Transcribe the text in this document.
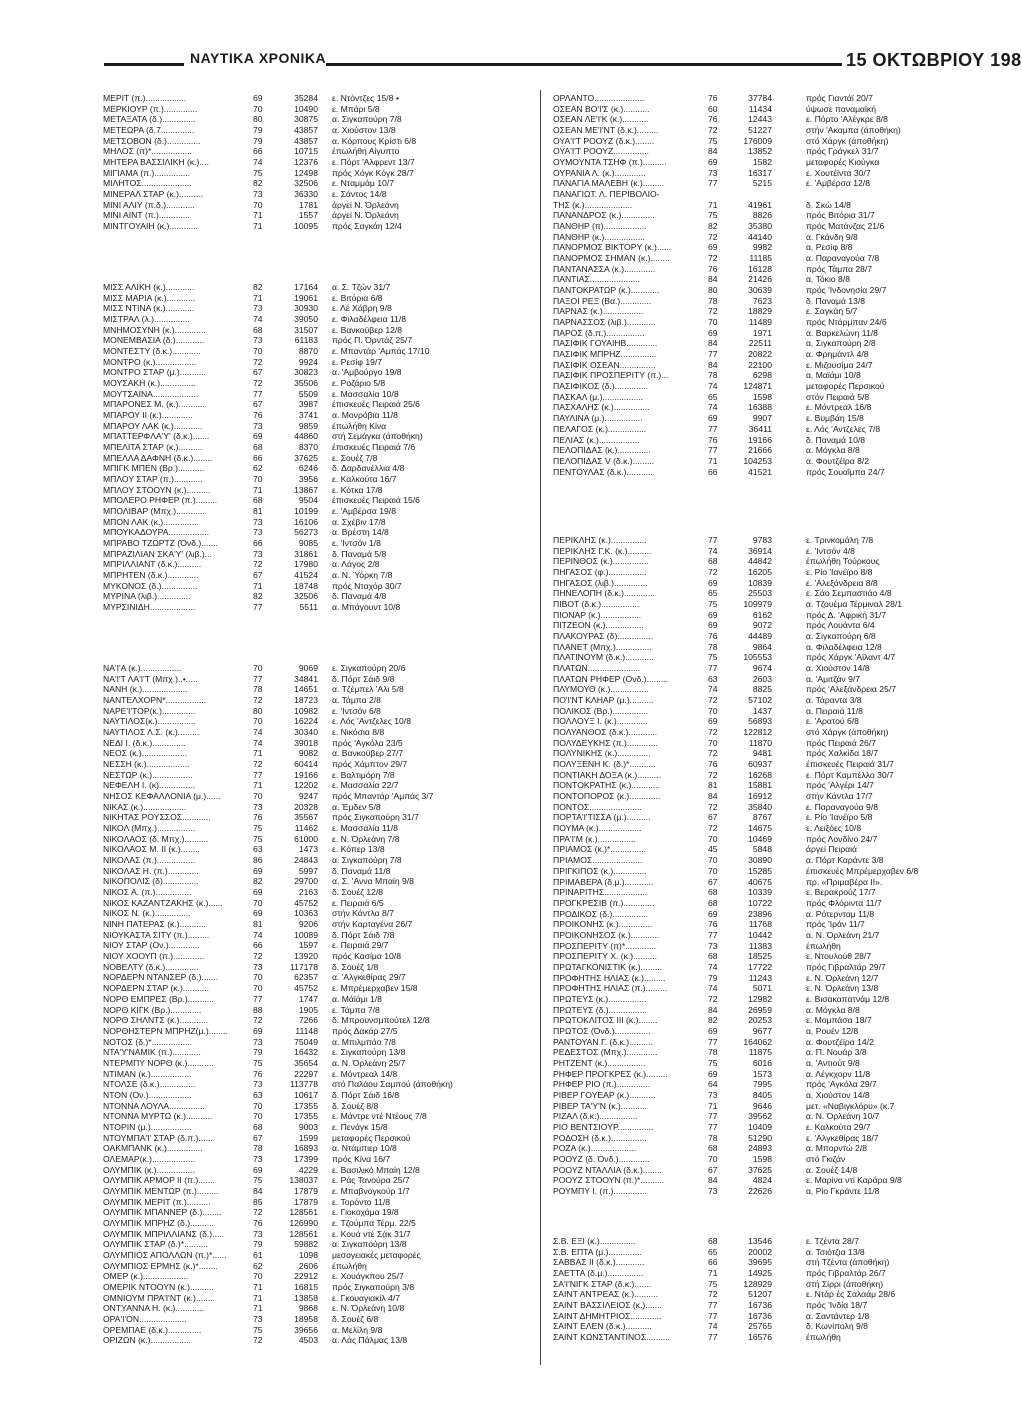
ΝΑΥΤΙΚΑ ΧΡΟΝΙΚΑ	15 ΟΚΤΩΒΡΙΟΥ 198
ΜΕΡΙΤ (π.).................	69	35284 ε. Ντόντζες 15/8 •
ΜΕΡΚΙΟΥΡ (π.)..............	70	10490 ε. Μπάρι 5/8
ΜΕΤΑΞΑΤΑ (δ.)..............	80	30875 α. Σιγκαπούρη 7/8
ΜΕΤΕΩΡΑ (δ.7..............	79	43857 α. Χιούστον 13/8
ΜΕΤΣΟΒΟΝ (δ.)..............	79	43857 α. Κόρπους Κρίστι 6/8
ΜΗΛΟΣ (π)*.................	66	10715 έπωλήθη Αίγυπτο
ΜΗΤΕΡΑ ΒΑΣΣΙΛΙΚΗ (κ.)....	74	12376 ε. Πόρτ 'Αλφρεντ 13/7
ΜΙΓΙΑΜΑ (π.)...............	75	12498 πρός Χόγκ Κόγκ 28/7
ΜΙΛΗΤΟΣ.....................	82	32506 ε. Νταμμάμ 10/7
ΜΙΝΕΡΑΛ ΣΤΑΡ (κ.)..........	73	36330 ε. Σάντος 14/8
ΜΙΝΙ ΑΛΙΥ (π.δ.)............	70	1781 άργεί Ν. Όρλεάνη
ΜΙΝΙ ΑΙΝΤ (π.).............	71	1557 άργεί Ν. Όρλεάνη
ΜΙΝΤΓΟΥΑΙΗ (κ.)............	71	10095 πρός Σαγκάη 12/4
ΜΙΣΣ ΑΛΙΚΗ (κ.)............	82	17164 α. Σ. Τζών 31/7
ΜΙΣΣ ΜΑΡΙΑ (κ.)............	71	19061 ε. Βιτόρια 6/8
ΜΙΣΣ ΝΤΙΝΑ (κ.)............	73	30930 ε. Λέ Χάβρη 9/8
ΜΙΣΤΡΑΛ (λ.)...............	74	39050 ε. Φιλαδέλφεια 11/8
ΜΝΗΜΟΣΥΝΗ (κ.).............	68	31507 ε. Βανκοϋβερ 12/8
ΜΟΝΕΜΒΑΣΙΑ (δ.)............	73	61183 πρός Π. Όρντάζ 25/7
ΜΟΝΤΕΣΤΥ (δ.κ.)............	70	8870 ε. Μπαντάρ 'Αμπάς 17/10
ΜΟΝΤΡΟ (κ.).................	72	9924 ε. Ρεσίφ 19/7
ΜΟΝΤΡΟ ΣΤΑΡ (μ.)...........	67	30823 α. 'Αμβούργο 19/8
ΜΟΥΣΑΚΗ (κ.)...............	72	35506 ε. Ροζάριο 5/8
ΜΟΥΤΣΑΙΝΑ...................	77	5509 ε. Μασσαλία 10/8
ΜΠΑΡΟΝΕΣ Μ. (κ.)...........	67	3987 έπισκευές Πειραιά 25/6
ΜΠΑΡΟΥ ΙΙ (κ.).............	76	3741 α. Μονρόβια 11/8
ΜΠΑΡΟΥ ΛΑΚ (κ.)............	73	9859 έπωλήθη Κίνα
ΜΠΑΤΤΕΡΦΛΑ'Υ' (δ.κ.).......	69	44860 στή Σεμάγκα (άποθήκη)
ΜΠΕΛΙΤΑ ΣΤΑΡ (κ.)..........	68	8370 έπισκευές Πειραιά 7/6
ΜΠΕΛΛΑ ΔΑΦΝΗ (δ.κ.)........	66	37625 ε. Σουέζ 7/8
ΜΠΙΓΚ ΜΠΕΝ (Βρ.)...........	62	6246 δ. Δαρδανέλλια 4/8
ΜΠΛΟΥ ΣΤΑΡ (π.)............	70	3956 ε. Καλκούτα 16/7
ΜΠΛΟΥ ΣΤΟΟΥΝ (κ.)..........	71	13867 ε. Κότκα 17/8
ΜΠΟΛΕΡΟ ΡΗΦΕΡ (π.).........	68	9504 έπισκευές Πειραιά 15/6
ΜΠΟΛΙΒΑΡ (Μπχ.)............	81	10199 ε. 'Αμβέρσα 19/8
ΜΠΟΝ ΛΑΚ (κ.)..............	73	16106 α. Σχέβιν 17/8
ΜΠΟΥΚΑΔΟΥΡΑ.................	73	56273 α. Βρέστη 14/8
ΜΠΡΑΒΟ ΤΖΩΡΤΖ (Όνδ.).......	66	9085 ε. 'Ιντσόν 1/8
ΜΠΡΑΖΙΛΙΑΝ ΣΚΑ'Υ' (λιβ.)...	73	31861 δ. Παναμά 5/8
ΜΠΡΙΛΛΙΑΝΤ (δ.κ.)..........	72	17980 α. Λάγος 2/8
ΜΠΡΗΤΕΝ (δ.κ.).............	67	41524 α. Ν. Ύόρκη 7/8
ΜΥΚΟΝΟΣ (δ.)...............	71	18748 πρός Νταχόρ 30/7
ΜΥΡΙΝΑ (λιβ.)..............	82	32506 δ. Παναμά 4/8
ΜΥΡΣΙΝΙΔΗ...................	77	5511 α. Μπάγουντ 10/8
ΝΑ'Ι'Α (κ.).................	70	9069 ε. Σιγκαπούρη 20/6
ΝΑ'Ι'Τ ΛΑ'Ι'Τ (Μπχ.)..•.....	77	34841 δ. Πόρτ Σάιδ 9/8
ΝΑΝΗ (κ.)...................	78	14651 α. Τζέμπελ 'Αλι 5/8
ΝΑΝΤΕΛΧΟΡΝ*.................	72	18723 α. Τάμπα 2/8
ΝΑΡΕ'Ι'ΤΟΡ(κ.)..............	80	10982 ε. 'Ιντσόν 6/8
ΝΑΥΤΙΛΟΣ(κ.)................	70	16224 ε. Λός 'Αντζελες 10/8
ΝΑΥΤΙΛΟΣ Λ.Σ. (κ.).........	74	30340 ε. Νικόσια 8/8
ΝΕΔΙ Ι. (δ.κ.)..............	74	39018 πρός 'Αγκόλα 23/5
ΝΕΟΣ (κ.)...................	71	9082 α. Βανκοϋβερ 27/7
ΝΕΣΣΗ (κ.)..................	72	60414 πρός Χάμπτον 29/7
ΝΕΣΤΩΡ (κ.).................	77	19166 ε. Βαλτιμόρη 7/8
ΝΕΦΕΛΗ Ι. (κ)...............	71	12202 ε. Μασσαλία 22/7
ΝΗΣΟΣ ΚΕΦΑΛΛΟΝΙΑ (μ.)......	70	9247 πρός Μπαντάρ 'Αμπάς 3/7
ΝΙΚΑΣ (κ.)..................	73	20328 α. Έμδεν 5/8
ΝΙΚΗΤΑΣ ΡΟΥΣΣΟΣ............	76	35567 πρός Σιγκαπούρη 31/7
ΝΙΚΟΛ (Μπχ.)................	75	11462 ε. Μασσαλία 11/8
ΝΙΚΟΛΑΟΣ (δ. Μπχ.)..........	75	61000 ε. Ν. Όρλεάνη 7/8
ΝΙΚΟΛΑΟΣ Μ. ΙΙ (κ.)........	63	1473 ε. Κόπερ 13/8
ΝΙΚΟΛΑΣ (π.)................	86	24843 α. Σιγκαπούρη 7/8
ΝΙΚΟΛΑΣ Η. (π.).............	69	5997 δ. Παναμά 11/8
ΝΙΚΟΠΟΛΙΣ (δ)...............	82	29700 α. Σ. 'Αννα Μπαίη 9/8
ΝΙΚΟΣ Α. (π.)...............	69	2163 δ. Σουέζ 12/8
ΝΙΚΟΣ ΚΑΖΑΝΤΖΑΚΗΣ (κ.)......	70	45752 ε. Πειραιά 6/5
ΝΙΚΟΣ Ν. (κ.)...............	69	10363 στήν Κάντλα 8/7
ΝΙΝΗ ΠΑΤΕΡΑΣ (κ.)...........	81	9206 στήν Καρταγένα 26/7
ΝΙΟΥΚΑΣΤΑ ΣΙΤΥ (π.).........	74	10089 δ. Πόρτ Σάιδ 7/8
ΝΙΟΥ ΣΤΑΡ (Ον.).............	66	1597 ε. Πειραιά 29/7
ΝΙΟΥ ΧΟΟΥΠ (π.).............	72	13920 πρός Κασίμα 10/8
ΝΟΒΕΛΤΥ (δ.κ.)..............	73	117178 δ. Σουέζ 1/8
ΝΟΡΔΕΡΝ ΝΤΑΝΣΕΡ (δ.).......	70	62357 α. 'Αλγκεθίρας 29/7
ΝΟΡΔΕΡΝ ΣΤΑΡ (κ.)...........	70	45752 ε. Μπρέμερχαβεν 15/8
ΝΟΡΘ ΕΜΠΡΕΣ (Βρ.)...........	77	1747 α. Μάϊάμι 1/8
ΝΟΡΘ ΚΙΓΚ (Βρ.).............	88	1905 ε. Τάμπα 7/8
ΝΟΡΘ ΣΗΛΝΤΣ (κ.)............	72	7266 δ. Μπρουνσμπούτελ 12/8
ΝΟΡΘΗΣΤΕΡΝ ΜΠΡΗΖ(μ.)........	69	11148 πρός Δακάρ 27/5
ΝΟΤΟΣ (δ.)*.................	73	75049 α. Μπιλμπάο 7/8
ΝΤΑ'Υ'ΝΑΜΙΚ (π.)............	79	16432 ε. Σιγκαπούρη 13/8
ΝΤΕΡΜΠΥ ΝΟΡΘ (κ.)...........	75	35654 α. Ν. Όρλεάνη 25/7
ΝΤΙΜΑΝ (κ.).................	76	22297 ε. Μόντρεαλ 14/8
ΝΤΟΛΣΕ (δ.κ.)...............	73	113778 στό Παλάου Σαμπού (άποθήκη)
ΝΤΟΝ (Ον.)..................	63	10617 δ. Πόρτ Σάιδ 16/8
ΝΤΟΝΝΑ ΛΟΥΛΑ...............	70	17355 δ. Σουέζ 8/8
ΝΤΟΝΝΑ ΜΥΡΤΩ (κ.)...........	70	17355 ε. Μάντρε ντέ Ντέους 7/8
ΝΤΟΡΙΝ (μ.).................	68	9003 ε. Πενάγκ 15/8
ΝΤΟΥΜΠΑ'Ι' ΣΤΑΡ (δ.π.)......	67	1599 μεταφορές Περσικού
ΟΑΚΜΠΑΝΚ (κ.)...............	78	16893 α. Ντάμπιερ 10/8
ΟΛΕΜΑΡ(κ.)..................	73	17399 πρός Κίνα 16/7
ΟΛΥΜΠΙΚ (κ.)................	69	4229 ε. Βασιλικό Μπαίη 12/8
ΟΛΥΜΠΙΚ ΑΡΜΟΡ ΙΙ (π.).......	75	138037 ε. Ράς Τανούρα 25/7
ΟΛΥΜΠΙΚ ΜΕΝΤΩΡ (π.).........	84	17879 ε. Μπαβνογκούρ 1/7
ΟΛΥΜΠΙΚ ΜΕΡΙΤ (π.)..........	85	17879 ε. Τορόντο 11/8
ΟΛΥΜΠΙΚ ΜΠΑΝΝΕΡ (δ.)........	72	128561 ε. Γιοκοχάμα 19/8
ΟΛΥΜΠΙΚ ΜΠΡΗΖ (δ.)..........	76	126990 ε. Τζούμπα Τέρμ. 22/5
ΟΛΥΜΠΙΚ ΜΠΡΙΛΛΙΑΝΣ (δ.).....	73	128561 ε. Κουά ντέ Σάκ 31/7
ΟΛΥΜΠΙΚ ΣΤΑΡ (δ.)*..........	79	59882 α. Σιγκαπούρη 13/8
ΟΛΥΜΠΙΟΣ ΑΠΟΛΛΩΝ (π.)*......	61	1098 μεσογειακές μεταφορές
ΟΛΥΜΠΙΟΣ ΕΡΜΗΣ (κ.)*........	62	2606 έπωλήθη
ΟΜΕΡ (κ.)...................	70	22912 ε. Χουάγκπου 25/7
ΟΜΕΡΙΚ ΝΤΟΟΥΝ (κ.)..........	71	16815 πρός Σιγκαπούρη 3/8
ΟΜΝΙΟΥΜ ΠΡΑ'Ι'ΝΤ (κ.).......	71	13858 ε. Γκουαγιακίλ 4/7
ΟΝΤΥΑΝΝΑ Η. (κ.)............	71	9868 ε. Ν. Όρλεάνη 10/8
ΟΡΑ'Ι'ΟΝ....................	73	18958 δ. Σουέζ 6/8
ΟΡΕΜΠΑΕ (δ.κ.)..............	75	39656 α. Μελίλη 9/8
ΟΡΙΖΩΝ (κ.).................	72	4503 α. Λάς Πάλμας 13/8
ΟΡΛΑΝΤΟ.....................	76	37784	πρός Γιαντάϊ 20/7
ΟΣΕΑΝ ΒΟ'Ι'Σ (κ.)...........	60	11434	ύψωσε παναμαϊκή
ΟΣΕΑΝ ΛΕ'Ι'Κ (κ.)...........	76	12443	ε. Πόρτο 'Αλέγκρε 8/8
ΟΣΕΑΝ ΜΕ'Ι'ΝΤ (δ.κ.).........	72	51227	στήν 'Ακαμπα (άποθήκη)
ΟΥΑ'Ι'Τ ΡΟΟΥΖ (δ.κ.)........	75	176009	στό Χάργκ (άποθήκη)
ΟΥΑ'Ι'Τ ΡΟΟΥΖ...............	84	13852	πρός Γράγκελ 31/7
ΟΥΜΟΥΝΤΑ ΤΣΗΦ (π.)..........	69	1582	μεταφορές Κιούγκα
ΟΥΡΑΝΙΑ Λ. (κ.).............	73	16317	ε. Χουτέϊντα 30/7
ΠΑΝΑΓΙΑ ΜΑΛΕΒΗ (κ.).........	77	5215	ε. 'Αμβέρσα 12/8
ΠΑΝΑΓΙΩΤ. Λ. ΠΕΡΙΒΟΛΙΟ-
ΤΗΣ (κ.)....................	71	41961	δ. Σκώ 14/8
ΠΑΝΑΝΔΡΟΣ (κ.)..............	75	8826	πρός Βιτόρια 31/7
ΠΑΝΘΗΡ (π)..................	82	35380	πρός Ματάνζας 21/6
ΠΑΝΘΗΡ (κ.).................	72	44140	α. Γκάνδη 9/8
ΠΑΝΟΡΜΟΣ ΒΙΚΤΟΡΥ (κ.)......	69	9982	α. Ρεσίφ 8/8
ΠΑΝΟΡΜΟΣ ΣΗΜΑΝ (κ.)........	72	11185	α. Παραναγούα 7/8
ΠΑΝΤΑΝΑΣΣΑ (κ.).............	76	16128	πρός Τάμπα 28/7
ΠΑΝΤΙΑΣ.....................	84	21426	α. Τόκιο 8/8
ΠΑΝΤΟΚΡΑΤΩΡ (κ.)............	80	30639	πρός 'Ινδονησία 29/7
ΠΑΞΟΙ ΡΕΞ (Βα.).............	78	7623	δ. Παναμά 13/8
ΠΑΡΝΑΣ (κ.).................	72	18829	ε. Σαγκάη 5/7
ΠΑΡΝΑΣΣΟΣ (λιβ.)............	70	11489	πρός Ντάρμπαν 24/6
ΠΑΡΟΣ (δ.π.)................	69	1971	α. Βαρκελώνη 11/8
ΠΑΣΙΦΙΚ ΓΟΥΑΙΗΒ.............	84	22511	α. Σιγκαπούρη 2/8
ΠΑΣΙΦΙΚ ΜΠΡΗΖ...............	77	20822	α. Φρημάντλ 4/8
ΠΑΣΙΦΙΚ ΟΣΕΑΝ...............	84	22100	ε. Μιζουσίμα 24/7
ΠΑΣΙΦΙΚ ΠΡΟΣΠΕΡΙΤΥ (π.)...	78	6298	α. Μαϊάμι 10/8
ΠΑΣΙΦΙΚΟΣ (δ.)..............	74	124871	μεταφορές Περσικού
ΠΑΣΚΑΛ (μ.).................	65	1598	στόν Πειραιά 5/8
ΠΑΣΧΑΛΗΣ (κ.)...............	74	16388	ε. Μόντρεαλ 16/8
ΠΑΥΛΙΝΑ (μ.)................	69	9907	ε. Βυμβάη 15/8
ΠΕΛΑΓΟΣ (κ.)................	77	36411	ε. Λός 'Αντζελες 7/8
ΠΕΛΙΑΣ (κ.).................	76	19166	δ. Παναμά 10/8
ΠΕΛΟΠΙΔΑΣ (κ.)..............	77	21666	α. Μόγκλα 8/8
ΠΕΛΟΠΙΔΑΣ V (δ.κ.).........	71	104253	α. Φουτζέϊρα 8/2
ΠΕΝΤΟΥΛΑΣ (δ.κ.)...........	66	41521	πρός Σουαΐμπα 24/7
ΠΕΡΙΚΛΗΣ (κ.)...............	77	9783	ε. Τρινκομάλη 7/8
ΠΕΡΙΚΛΗΣ Γ.Κ. (κ.)..........	74	36914	ε. 'Ιντσόν 4/8
ΠΕΡΙΝΘΟΣ (κ.)...............	68	44842	έπωλήθη Τούρκους
ΠΗΓΑΣΟΣ (φ.)................	72	16205	ε. Ρίο 'Ιανέϊρο 8/8
ΠΗΓΑΣΟΣ (λιβ.)..............	69	10839	ε. 'Αλεξάνδρεια 8/8
ΠΗΝΕΛΟΠΗ (δ.κ.).............	65	25503	ε. Σάο Σεμπαστιάο 4/8
ΠΙΒΟΤ (δ.κ.)................	75	109979	α. Τζουέμα Τέρμιναλ 28/1
ΠΙΟΝΑΡ (κ.).................	69	6162	πρός Δ. 'Αφρική 31/7
ΠΙΤΖΕΟΝ (κ.)................	69	9072	πρός Λουάντα 6/4
ΠΛΑΚΟΥΡΑΣ (δ)...............	76	44489	α. Σιγκαπούρη 6/8
ΠΛΑΝΕΤ (Μπχ.)...............	78	9864	α. Φιλαδέλφεια 12/8
ΠΛΑΤΙΝΟΥΜ (δ.κ.)............	75	105553	πρός Χάργκ 'Αϊλαντ 4/7
ΠΛΑΤΩΝ......................	77	9674	α. Χιούστον 14/8
ΠΛΑΤΩΝ ΡΗΦΕΡ (Ονδ.).........	63	2603	α. 'Αμιτζάν 9/7
ΠΛΥΜΟΥΘ (κ.)................	74	8825	πρός 'Αλεξάνδρεια 25/7
ΠΟ'Ι'ΝΤ ΚΛΗΑΡ (μ.)..........	72	57102	α. Τάραντα 3/8
ΠΟΛΙΚΟΣ (Βρ.)...............	70	1437	α. Πειραιά 11/8
ΠΟΛΛΟΥΞ Ι. (κ.).............	69	56893	ε. 'Αρατού 6/8
ΠΟΛΥΑΝΘΟΣ (δ.κ.)............	72	122812	στό Χάργκ (άποθήκη)
ΠΟΛΥΔΕΥΚΗΣ (π.).............	70	11870	πρός Πειραιά 26/7
ΠΟΛΥΝΙΚΗΣ (κ.)..............	72	9481	πρός Χαλκίδα 18/7
ΠΟΛΥΞΕΝΗ Κ. (δ.)*...........	76	60937	έπισκευές Πειραιά 31/7
ΠΟΝΤΙΑΚΗ ΔΟΞΑ (κ.)..........	72	16268	ε. Πόρτ Καμπέλλο 30/7
ΠΟΝΤΟΚΡΑΤΗΣ (κ.)............	81	15881	πρός 'Αλγέρι 14/7
ΠΟΝΤΟΠΟΡΟΣ (κ.).............	84	16912	στήν Κάντλα 17/7
ΠΟΝΤΟΣ......................	72	35840	ε. Παραναγούα 9/8
ΠΟΡΤΑ'Ι'ΤΙΣΣΑ (μ.)..........	67	8767	ε. Ρίο 'Ιανέϊρο 5/8
ΠΟΥΜΑ (κ.)..................	72	14675	ε. Λειξόες 10/8
ΠΡΑ'Ι'Μ (κ.)................	70	10469	πρός Λονδίνο 24/7
ΠΡΙΑΜΟΣ (κ.)*...............	45	5848	άργεί Πειραιά
ΠΡΙΑΜΟΣ.....................	70	30890	α. Πόρτ Καράντε 3/8
ΠΡΙΓΚΙΠΟΣ (κ.)..............	70	15285	έπισκευές Μπρέμερχαβεν 6/8
ΠΡΙΜΑΒΕΡΑ (δ.μ.)............	67	40675	πρ. «Πριμαβέρα ΙΙ».
ΠΡΙΝΑΡΙΤΗΣ..................	68	10339	ε. Βερακρούζ 17/7
ΠΡΟΓΚΡΕΣΙΒ (π.).............	68	10722	πρός Φλόριντα 11/7
ΠΡΟΔΙΚΟΣ (δ.)...............	69	23896	α. Ρότερνταμ 11/8
ΠΡΟΙΚΟΝΗΣ (κ.)..............	76	11768	πρός 'Ιράν 11/7
ΠΡΟΙΚΟΝΗΣΟΣ (κ.)............	77	10442	α. Ν. Όρλεάνη 21/7
ΠΡΟΣΠΕΡΙΤΥ (π)*.............	73	11383	έπωλήθη
ΠΡΟΣΠΕΡΙΤΥ Χ. (κ.)..........	68	18525	ε. Ντουλούθ 28/7
ΠΡΩΤΑΓΚΟΝΙΣΤΙΚ (κ.).........	74	17722	πρός Γιβραλτάρ 29/7
ΠΡΟΦΗΤΗΣ ΗΛΙΑΣ (κ.).........	79	11243	ε. Ν. Όρλεάνη 12/7
ΠΡΟΦΗΤΗΣ ΗΛΙΑΣ (π.).........	74	5071	ε. Ν. Όρλεάνη 13/8
ΠΡΩΤΕΥΣ (κ.)................	72	12982	ε. Βισακαπατνάμ 12/8
ΠΡΩΤΕΥΣ (δ.)................	84	26959	α. Μόγκλα 8/8
ΠΡΩΤΟΚΛΙΤΟΣ ΙΙΙ (κ.)........	82	20253	ε. Μομπάσα 18/7
ΠΡΩΤΟΣ (Όνδ.)...............	69	9677	α. Ρουέν 12/8
ΡΑΝΤΟΥΑΝ Γ. (δ.κ.)..........	77	164062	α. Φουτζέϊρα 14/2
ΡΕΔΕΣΤΟΣ (Μπχ.).............	78	11875	α. Π. Νουάρ 3/8
ΡΗΤΖΕΝΤ (κ.)................	75	6016	α. 'Αντιούτ 9/8
ΡΗΦΕΡ ΠΡΟΓΚΡΕΣ (κ.).........	69	1573	α. Λέγκχορν 11/8
ΡΗΦΕΡ ΡΙΟ (π.)..............	64	7995	πρός 'Αγκόλα 29/7
ΡΙΒΕΡ ΓΟΥΕΑΡ (κ.)...........	73	8405	α. Χιούστον 14/8
ΡΙΒΕΡ ΤΑ'Υ'Ν (κ.)...........	71	9646	μετ. «Ναβιγκλόρυ» (κ.7
ΡΙΖΑΛ (δ.κ.)................	77	39562	α. Ν. Όρλεάνη 10/7
ΡΙΟ ΒΕΝΤΣΙΟΥΡ...............	77	10409	ε. Καλκούτα 29/7
ΡΟΔΟΣΗ (δ.κ.)...............	78	51290	ε. 'Αλγκεθίρας 18/7
ΡΟΖΑ (κ.)...................	68	24893	α. Μπορντώ 2/8
ΡΟΟΥΖ (δ. Όνδ.).............	70	1598	στό Γκιζάν
ΡΟΟΥΖ ΝΤΑΛΛΙΑ (δ.κ.)........	67	37625	α. Σουέζ 14/8
ΡΟΟΥΖ ΣΤΟΟΥΝ (π.)*..........	84	4824	ε. Μαρίνα ντί Καράρα 9/8
ΡΟΥΜΠΥ Ι. (π.)..............	73	22626	α. Ρίο Γκράντε 11/8
Σ.Β. ΕΞΙ (κ.)...............	68	13546	ε. Τζέντα 28/7
Σ.Β. ΕΠΤΑ (μ.)..............	65	20002	α. Τσιότζια 13/8
ΣΑΒΒΑΣ ΙΙ (δ.κ.)............	66	39695	στή Τζέντα (άποθήκη)
ΣΑΕΤΤΑ (δ.μ.)...............	71	14925	πρός Γιβραλτάρ 26/7
ΣΑ'Ι'ΝΙΓΚ ΣΤΑΡ (δ.κ.).......	75	128929	στή Σίρρι (άποθήκη)
ΣΑΙΝΤ ΑΝΤΡΕΑΣ (κ.)..........	72	51207	ε. Ντάρ ές Σαλαάμ 28/6
ΣΑΙΝΤ ΒΑΣΣΙΛΕΙΟΣ (κ.).......	77	16736	πρός 'Ινδία 18/7
ΣΑΙΝΤ ΔΗΜΗΤΡΙΟΣ.............	77	16736	α. Σαντάντερ 1/8
ΣΑΙΝΤ ΕΛΕΝ (δ.κ.)...........	74	25765	δ. Κωνίπολη 9/8
ΣΑΙΝΤ ΚΩΝΣΤΑΝΤΙΝΟΣ..........	77	16576	έπωλήθη
